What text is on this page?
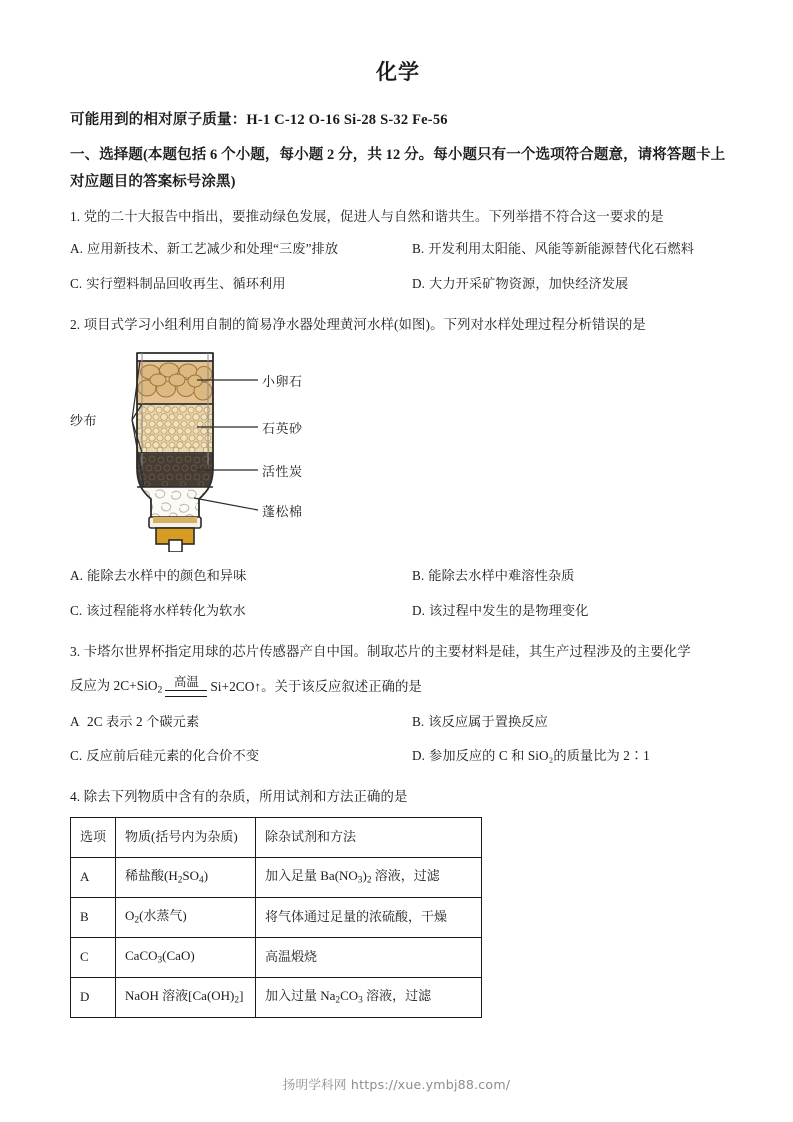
化学
可能用到的相对原子质量：H-1 C-12 O-16 Si-28 S-32 Fe-56
一、选择题(本题包括 6 个小题，每小题 2 分，共 12 分。每小题只有一个选项符合题意，请将答题卡上对应题目的答案标号涂黑)
1. 党的二十大报告中指出，要推动绿色发展，促进人与自然和谐共生。下列举措不符合这一要求的是
A. 应用新技术、新工艺减少和处理“三废”排放	B. 开发利用太阳能、风能等新能源替代化石燃料
C. 实行塑料制品回收再生、循环利用	D. 大力开采矿物资源，加快经济发展
2. 项目式学习小组利用自制的简易净水器处理黄河水样(如图)。下列对水样处理过程分析错误的是
纱布
小卵石
石英砂
活性炭
蓬松棉
A. 能除去水样中的颜色和异味	B. 能除去水样中难溶性杂质
C. 该过程能将水样转化为软水	D. 该过程中发生的是物理变化
3. 卡塔尔世界杯指定用球的芯片传感器产自中国。制取芯片的主要材料是硅，其生产过程涉及的主要化学
反应为 2C+SiO$_2$
高温 Si+2CO↑ 。关于该反应叙述正确的是
A 2C 表示 2 个碳元素	B. 该反应属于置换反应
C. 反应前后硅元素的化合价不变	D. 参加反应的 C 和 SiO₂的质量比为 2∶1
4. 除去下列物质中含有的杂质，所用试剂和方法正确的是
选项	物质(括号内为杂质)	除杂试剂和方法
A	稀盐酸$(H_2SO_4)$	加入足量 $Ba(NO_3)_2$ 溶液，过滤
B	$O_2$(水蒸气)	将气体通过足量的浓硫酸，干燥
C	CaCO$_3$(CaO)	高温煅烧
D	NaOH 溶液$[Ca(OH)_2]$	加入过量 $Na_2CO_3$ 溶液，过滤
扬明学科网 https://xue.ymbj88.com/
